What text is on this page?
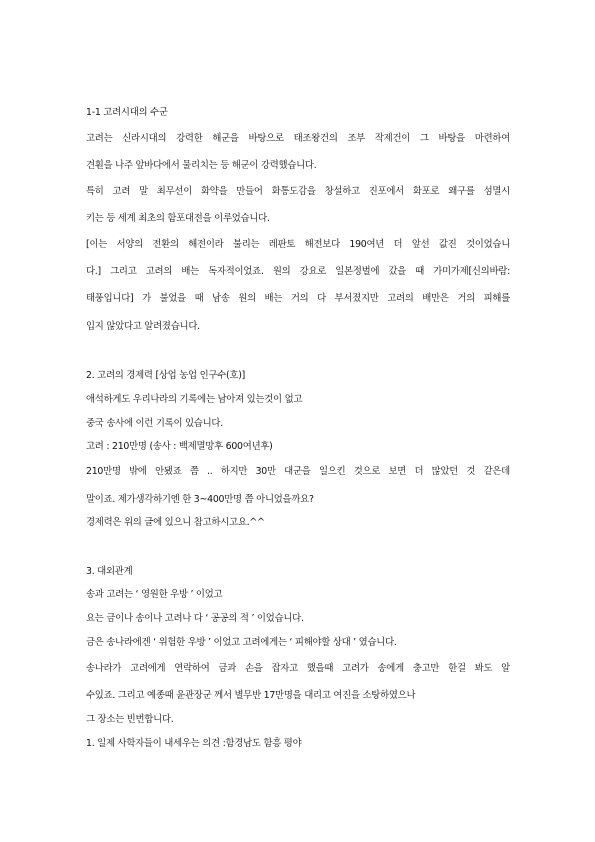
1-1 고려시대의 수군
고려는 신라시대의 강력한 해군을 바탕으로 태조왕건의 조부 작제건이 그 바탕을 마련하여
견훤을 나주 앞바다에서 물리치는 등 해군이 강력했습니다.
특히 고려 말 최무선이 화약을 만들어 화통도감을 창설하고 진포에서 화포로 왜구를 섬멸시
키는 등 세계 최초의 함포대전을 이루었습니다.
[이는 서양의 전환의 해전이라 불리는 레판토 해전보다 190여년 더 앞선 값진 것이었습니
다.] 그리고 고려의 배는 독자적이었죠. 원의 강요로 일본정벌에 갔을 때 가미가제[신의바람:
태풍입니다] 가 불었을 때 남송 원의 배는 거의 다 부서졌지만 고려의 배만은 거의 피해를
입지 않았다고 알려졌습니다.
2. 고려의 경제력 [상업 농업 인구수(호)]
애석하게도 우리나라의 기록에는 남아져 있는것이 없고
중국 송사에 이런 기록이 있습니다.
고려 : 210만명 (송사 : 백제멸망후 600여년후)
210만명 밖에 안됐죠 쯤 .. 하지만 30만 대군을 일으킨 것으로 보면 더 많았던 것 같은데
말이죠. 제가생각하기엔 한 3~400만명 쯤 아니었을까요?
경제력은 위의 글에 있으니 참고하시고요.^^
3. 대외관계
송과 고려는 ‘ 영원한 우방 ’ 이었고
요는 금이나 송이나 고려나 다 ‘ 공공의 적 ’ 이었습니다.
금은 송나라에겐 ‘ 위험한 우방 ’ 이었고 고려에게는 ‘ 피해야할 상대 ’ 였습니다.
송나라가 고려에게 연락하여 금과 손을 잡자고 했을때 고려가 송에게 충고만 한걸 봐도 알
수있죠. 그리고 예종때 윤관장군 께서 별무반 17만명을 대리고 여진을 소탕하였으나
그 장소는 빈번합니다.
1. 일제 사학자들이 내세우는 의견 :함경남도 함흥 평야
